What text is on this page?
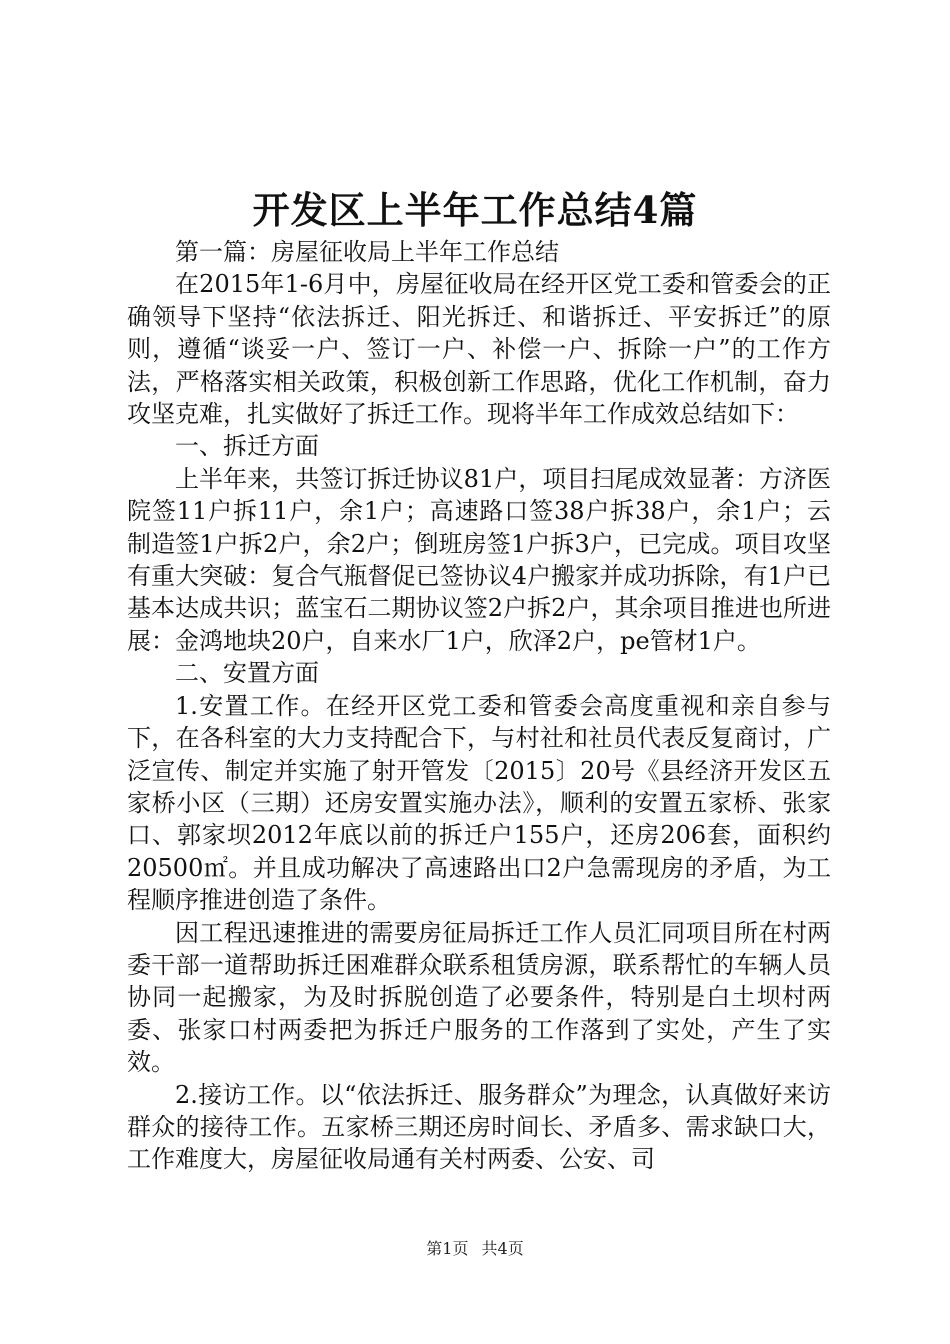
开发区上半年工作总结4篇

第一篇：房屋征收局上半年工作总结

在2015年1-6月中，房屋征收局在经开区党工委和管委会的正确领导下坚持“依法拆迁、阳光拆迁、和谐拆迁、平安拆迁”的原则，遵循“谈妥一户、签订一户、补偿一户、拆除一户”的工作方法，严格落实相关政策，积极创新工作思路，优化工作机制，奋力攻坚克难，扎实做好了拆迁工作。现将半年工作成效总结如下：

一、拆迁方面

上半年来，共签订拆迁协议81户，项目扫尾成效显著：方济医院签11户拆11户，余1户；高速路口签38户拆38户，余1户；云制造签1户拆2户，余2户；倒班房签1户拆3户，已完成。项目攻坚有重大突破：复合气瓶督促已签协议4户搬家并成功拆除，有1户已基本达成共识；蓝宝石二期协议签2户拆2户，其余项目推进也所进展：金鸿地块20户，自来水厂1户，欣泽2户，pe管材1户。

二、安置方面

1.安置工作。在经开区党工委和管委会高度重视和亲自参与下，在各科室的大力支持配合下，与村社和社员代表反复商讨，广泛宣传、制定并实施了射开管发〔2015〕20号《县经济开发区五家桥小区（三期）还房安置实施办法》，顺利的安置五家桥、张家口、郭家坝2012年底以前的拆迁户155户，还房206套，面积约20500㎡。并且成功解决了高速路出口2户急需现房的矛盾，为工程顺序推进创造了条件。

因工程迅速推进的需要房征局拆迁工作人员汇同项目所在村两委干部一道帮助拆迁困难群众联系租赁房源，联系帮忙的车辆人员协同一起搬家，为及时拆脱创造了必要条件，特别是白土坝村两委、张家口村两委把为拆迁户服务的工作落到了实处，产生了实效。

2.接访工作。以“依法拆迁、服务群众”为理念，认真做好来访群众的接待工作。五家桥三期还房时间长、矛盾多、需求缺口大，工作难度大，房屋征收局通有关村两委、公安、司

第1页 共4页
